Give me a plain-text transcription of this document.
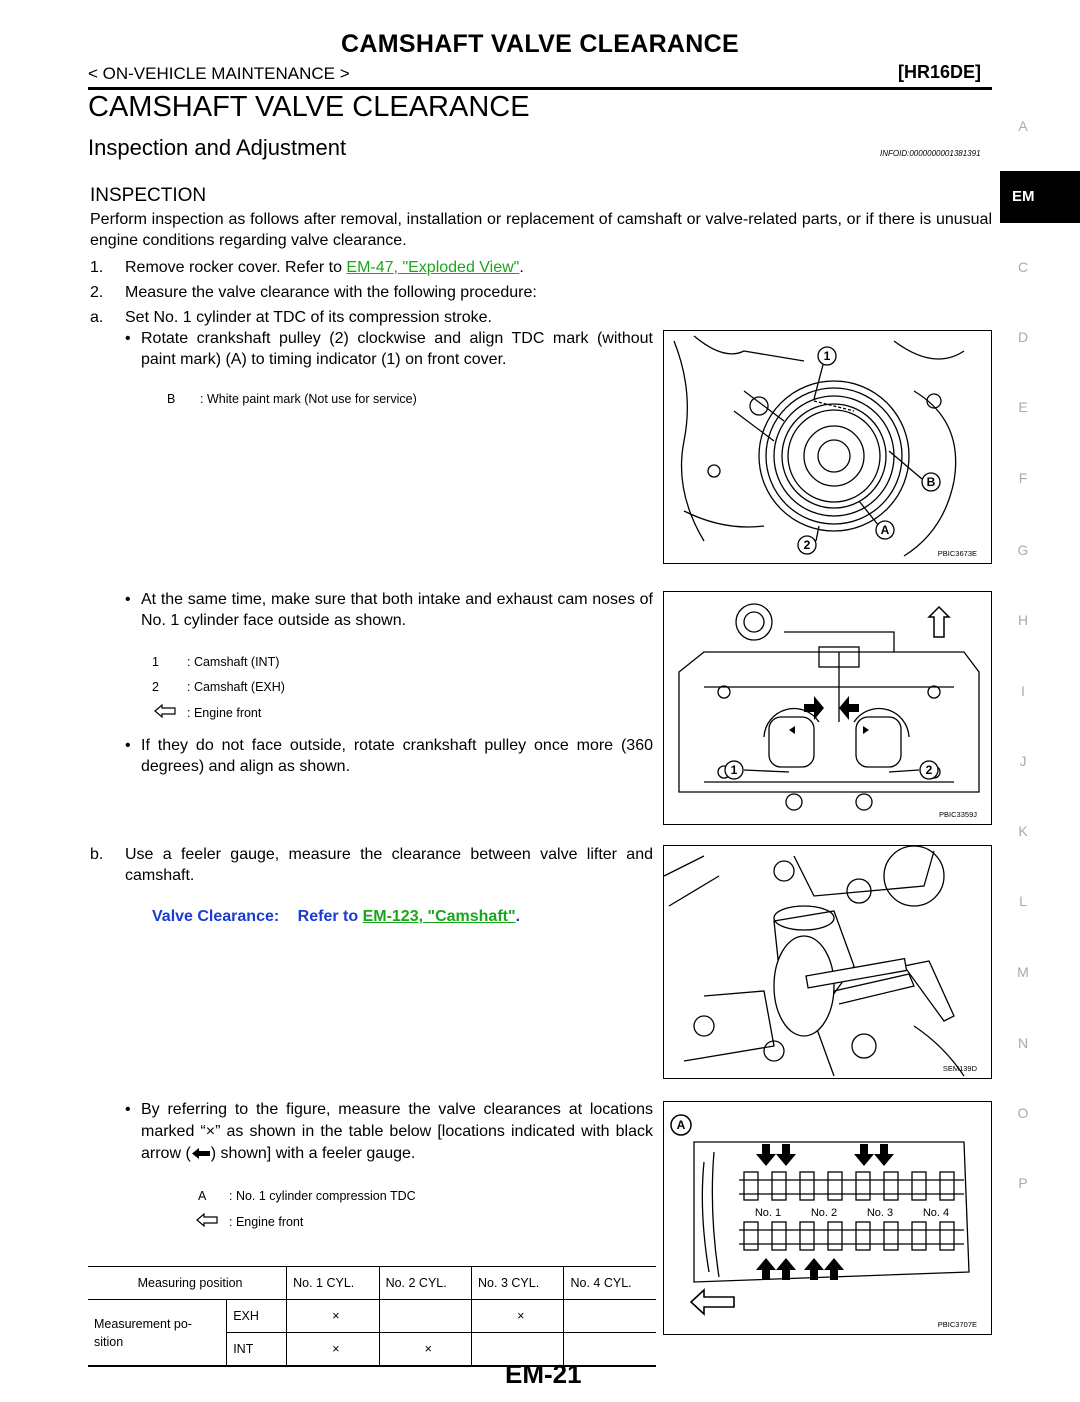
CAMSHAFT VALVE CLEARANCE
< ON-VEHICLE MAINTENANCE >	[HR16DE]
CAMSHAFT VALVE CLEARANCE
Inspection and Adjustment	INFOID:0000000001381391
INSPECTION
Perform inspection as follows after removal, installation or replacement of camshaft or valve-related parts, or if there is unusual engine conditions regarding valve clearance.
1. Remove rocker cover. Refer to EM-47, "Exploded View".
2. Measure the valve clearance with the following procedure:
a. Set No. 1 cylinder at TDC of its compression stroke.
• Rotate crankshaft pulley (2) clockwise and align TDC mark (without paint mark) (A) to timing indicator (1) on front cover.
B : White paint mark (Not use for service)
1
B
A
2
PBIC3673E
• At the same time, make sure that both intake and exhaust cam noses of No. 1 cylinder face outside as shown.
1 : Camshaft (INT)
2 : Camshaft (EXH)
: Engine front
• If they do not face outside, rotate crankshaft pulley once more (360 degrees) and align as shown.	1	2
PBIC3359J
b. Use a feeler gauge, measure the clearance between valve lifter and camshaft.
Valve Clearance: Refer to EM-123, "Camshaft".
SEM139D
• By referring to the figure, measure the valve clearances at locations marked “×” as shown in the table below [locations indicated with black arrow ( ) shown] with a feeler gauge.
A : No. 1 cylinder compression TDC
: Engine front
A
No. 1	No. 2	No. 3	No. 4
PBIC3707E
Measuring position		No. 1 CYL.	No. 2 CYL.	No. 3 CYL.	No. 4 CYL.
Measurement po-
sition	EXH	×		×	
	INT	×	×		
EM-21
EM
A
C
D
E
F
G
H
I
J
K
L
M
N
O
P
